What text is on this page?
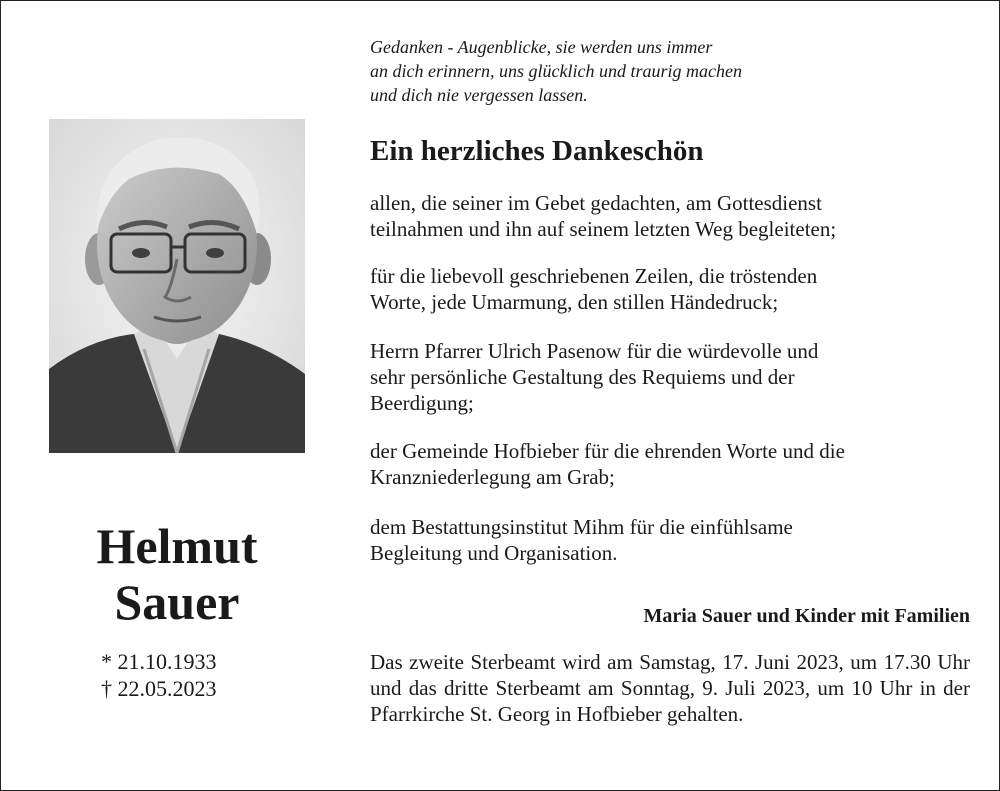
Helmut
Sauer
* 21.10.1933
† 22.05.2023
Gedanken - Augenblicke, sie werden uns immer
an dich erinnern, uns glücklich und traurig machen
und dich nie vergessen lassen.
Ein herzliches Dankeschön
allen, die seiner im Gebet gedachten, am Gottesdienst
teilnahmen und ihn auf seinem letzten Weg begleiteten;
für die liebevoll geschriebenen Zeilen, die tröstenden
Worte, jede Umarmung, den stillen Händedruck;
Herrn Pfarrer Ulrich Pasenow für die würdevolle und
sehr persönliche Gestaltung des Requiems und der
Beerdigung;
der Gemeinde Hofbieber für die ehrenden Worte und die
Kranzniederlegung am Grab;
dem Bestattungsinstitut Mihm für die einfühlsame
Begleitung und Organisation.
Maria Sauer und Kinder mit Familien
Das zweite Sterbeamt wird am Samstag, 17. Juni 2023, um 17.30 Uhr und das dritte Sterbeamt am Sonntag, 9. Juli 2023, um 10 Uhr in der Pfarrkirche St. Georg in Hofbieber gehalten.
